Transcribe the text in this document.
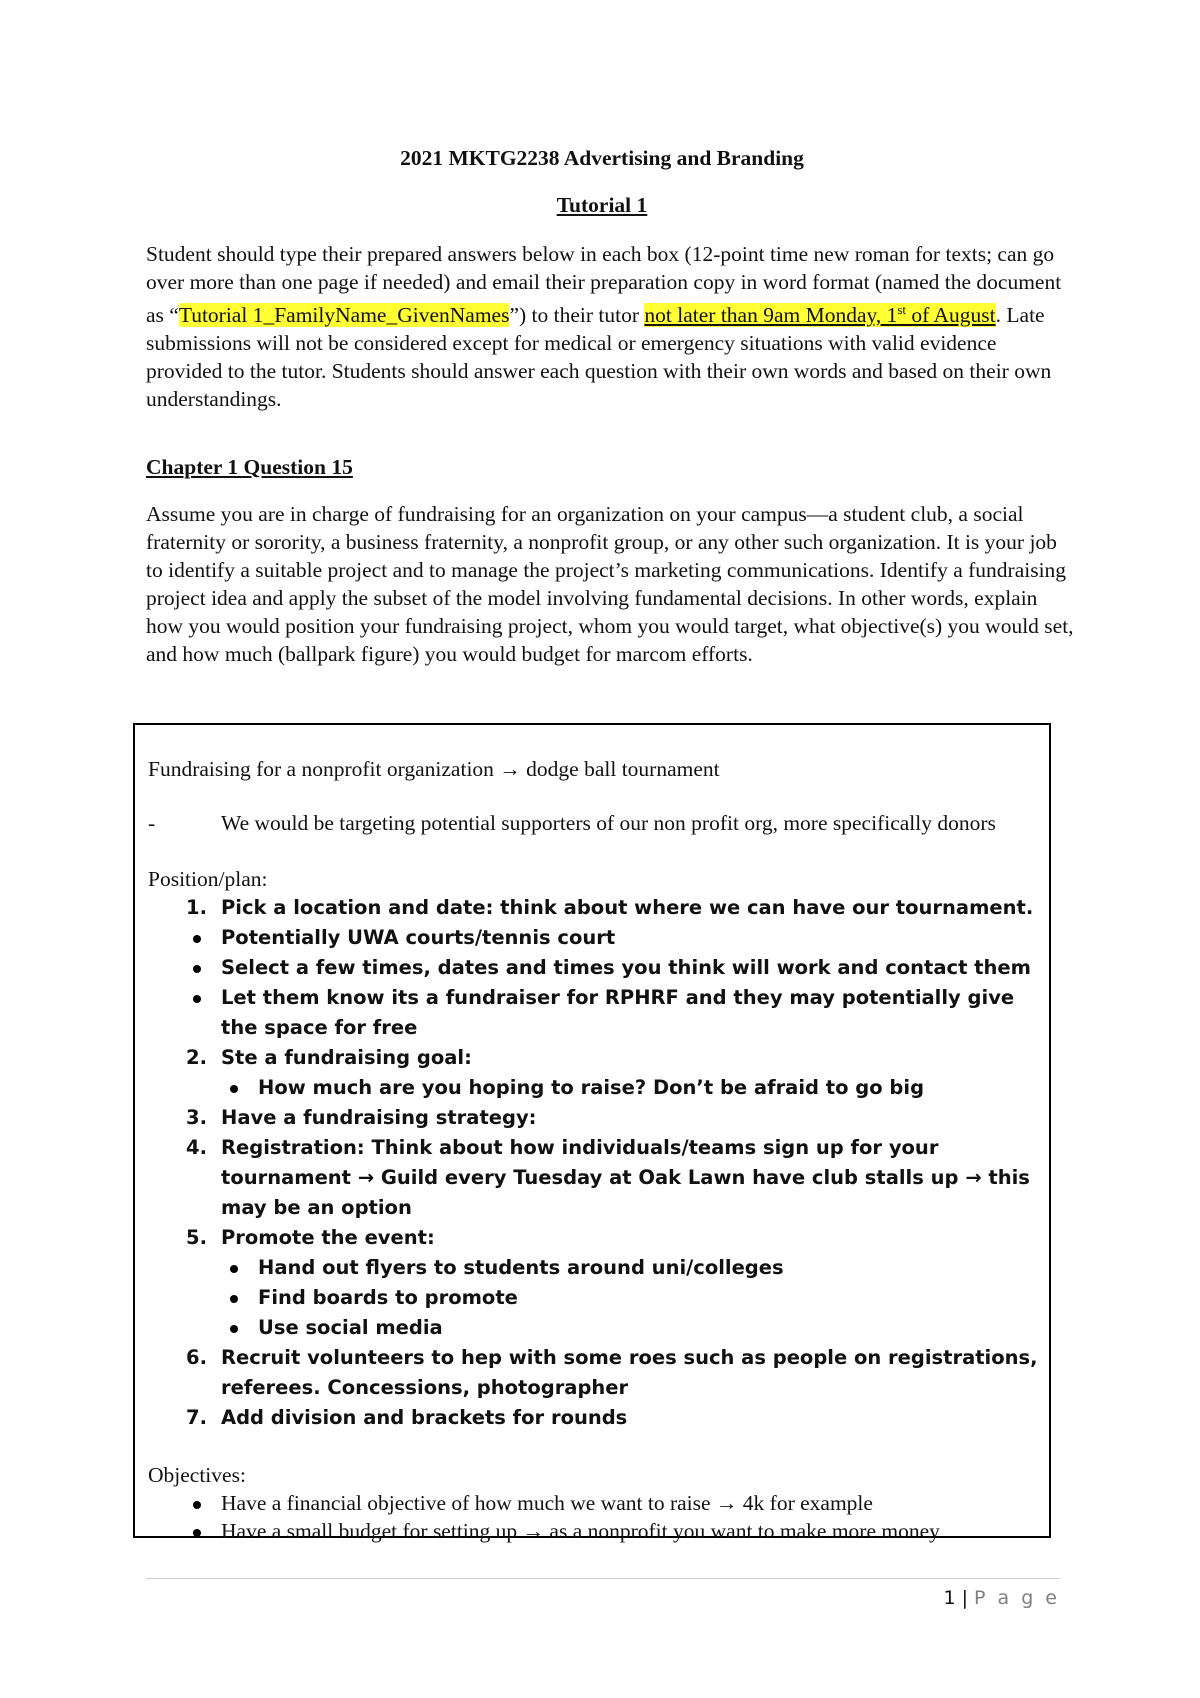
2021 MKTG2238 Advertising and Branding
Tutorial 1

Student should type their prepared answers below in each box (12-point time new roman for texts; can go over more than one page if needed) and email their preparation copy in word format (named the document as “Tutorial 1_FamilyName_GivenNames”) to their tutor not later than 9am Monday, 1st of August. Late submissions will not be considered except for medical or emergency situations with valid evidence provided to the tutor. Students should answer each question with their own words and based on their own understandings.

Chapter 1 Question 15

Assume you are in charge of fundraising for an organization on your campus—a student club, a social fraternity or sorority, a business fraternity, a nonprofit group, or any other such organization. It is your job to identify a suitable project and to manage the project’s marketing communications. Identify a fundraising project idea and apply the subset of the model involving fundamental decisions. In other words, explain how you would position your fundraising project, whom you would target, what objective(s) you would set, and how much (ballpark figure) you would budget for marcom efforts.

Fundraising for a nonprofit organization → dodge ball tournament
-	We would be targeting potential supporters of our non profit org, more specifically donors
Position/plan:
1. Pick a location and date: think about where we can have our tournament.
Potentially UWA courts/tennis court
Select a few times, dates and times you think will work and contact them
Let them know its a fundraiser for RPHRF and they may potentially give the space for free
2. Ste a fundraising goal:
How much are you hoping to raise? Don’t be afraid to go big
3. Have a fundraising strategy:
4. Registration: Think about how individuals/teams sign up for your tournament → Guild every Tuesday at Oak Lawn have club stalls up → this may be an option
5. Promote the event:
Hand out flyers to students around uni/colleges
Find boards to promote
Use social media
6. Recruit volunteers to hep with some roes such as people on registrations, referees. Concessions, photographer
7. Add division and brackets for rounds
Objectives:
Have a financial objective of how much we want to raise → 4k for example
Have a small budget for setting up → as a nonprofit you want to make more money
1 | P a g e
